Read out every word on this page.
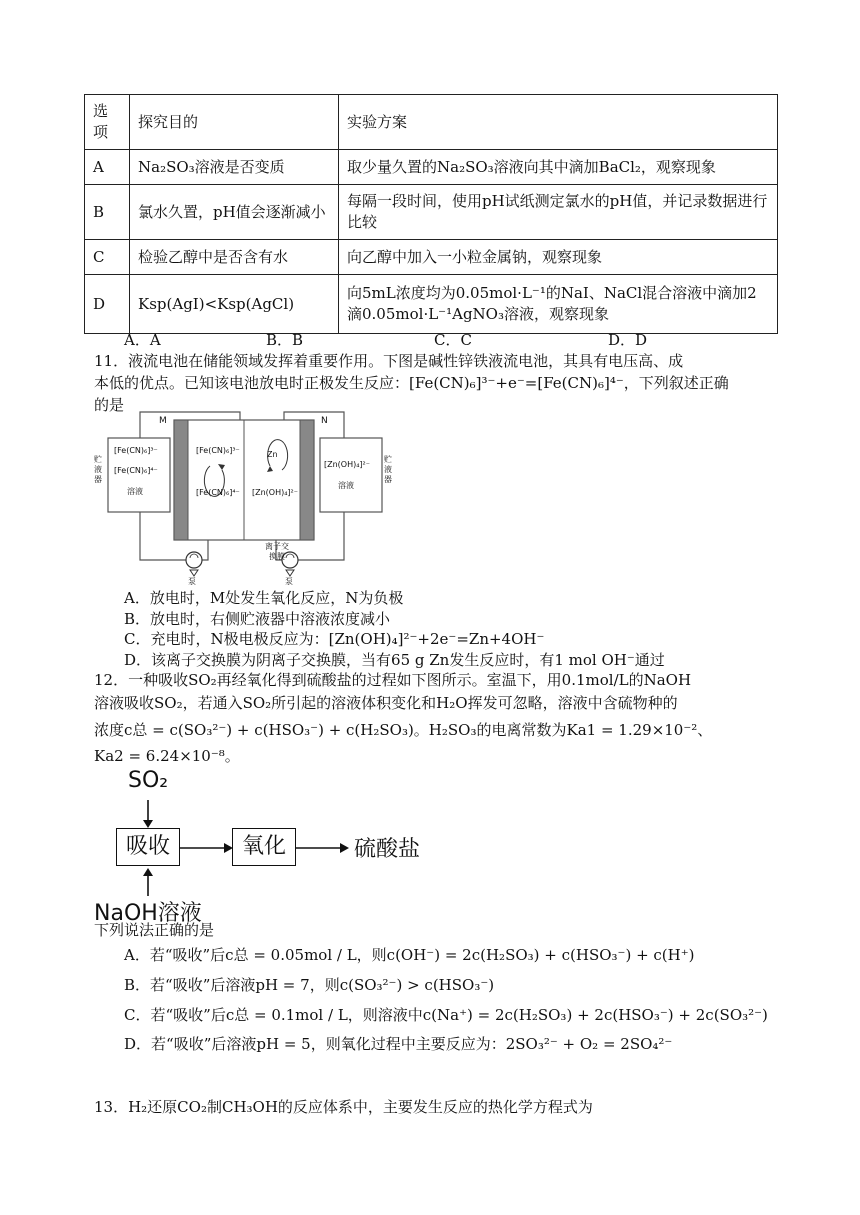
选项	探究目的	实验方案
A	Na₂SO₃溶液是否变质	取少量久置的Na₂SO₃溶液向其中滴加BaCl₂，观察现象
B	氯水久置，pH值会逐渐减小	每隔一段时间，使用pH试纸测定氯水的pH值，并记录数据进行比较
C	检验乙醇中是否含有水	向乙醇中加入一小粒金属钠，观察现象
D	Ksp(AgI)<Ksp(AgCl)	向5mL浓度均为0.05mol·L⁻¹的NaI、NaCl混合溶液中滴加2滴0.05mol·L⁻¹AgNO₃溶液，观察现象
A．A	B．B	C．C	D．D
11．液流电池在储能领域发挥着重要作用。下图是碱性锌铁液流电池，其具有电压高、成
本低的优点。已知该电池放电时正极发生反应：[Fe(CN)₆]³⁻+e⁻=[Fe(CN)₆]⁴⁻，下列叙述正确
的是
M	N
[Fe(CN)₆]³⁻
[Fe(CN)₆]⁴⁻
溶液
[Fe(CN)₆]³⁻
[Fe(CN)₆]⁴⁻
Zn
[Zn(OH)₄]²⁻
[Zn(OH)₄]²⁻
溶液
贮液器
贮液器
离子交换膜
泵	泵
A．放电时，M处发生氧化反应，N为负极
B．放电时，右侧贮液器中溶液浓度减小
C．充电时，N极电极反应为：[Zn(OH)₄]²⁻+2e⁻=Zn+4OH⁻
D．该离子交换膜为阴离子交换膜，当有65 g Zn发生反应时，有1 mol OH⁻通过
12．一种吸收SO₂再经氧化得到硫酸盐的过程如下图所示。室温下，用0.1mol/L的NaOH
溶液吸收SO₂，若通入SO₂所引起的溶液体积变化和H₂O挥发可忽略，溶液中含硫物种的
浓度c总 = c(SO₃²⁻) + c(HSO₃⁻) + c(H₂SO₃)。H₂SO₃的电离常数为Ka1 = 1.29×10⁻²、
Ka2 = 6.24×10⁻⁸。
SO₂
吸收	氧化	硫酸盐
NaOH溶液
下列说法正确的是
A．若“吸收”后c总 = 0.05mol / L，则c(OH⁻) = 2c(H₂SO₃) + c(HSO₃⁻) + c(H⁺)
B．若“吸收”后溶液pH = 7，则c(SO₃²⁻) > c(HSO₃⁻)
C．若“吸收”后c总 = 0.1mol / L，则溶液中c(Na⁺) = 2c(H₂SO₃) + 2c(HSO₃⁻) + 2c(SO₃²⁻)
D．若“吸收”后溶液pH = 5，则氧化过程中主要反应为：2SO₃²⁻ + O₂ = 2SO₄²⁻
13．H₂还原CO₂制CH₃OH的反应体系中，主要发生反应的热化学方程式为
